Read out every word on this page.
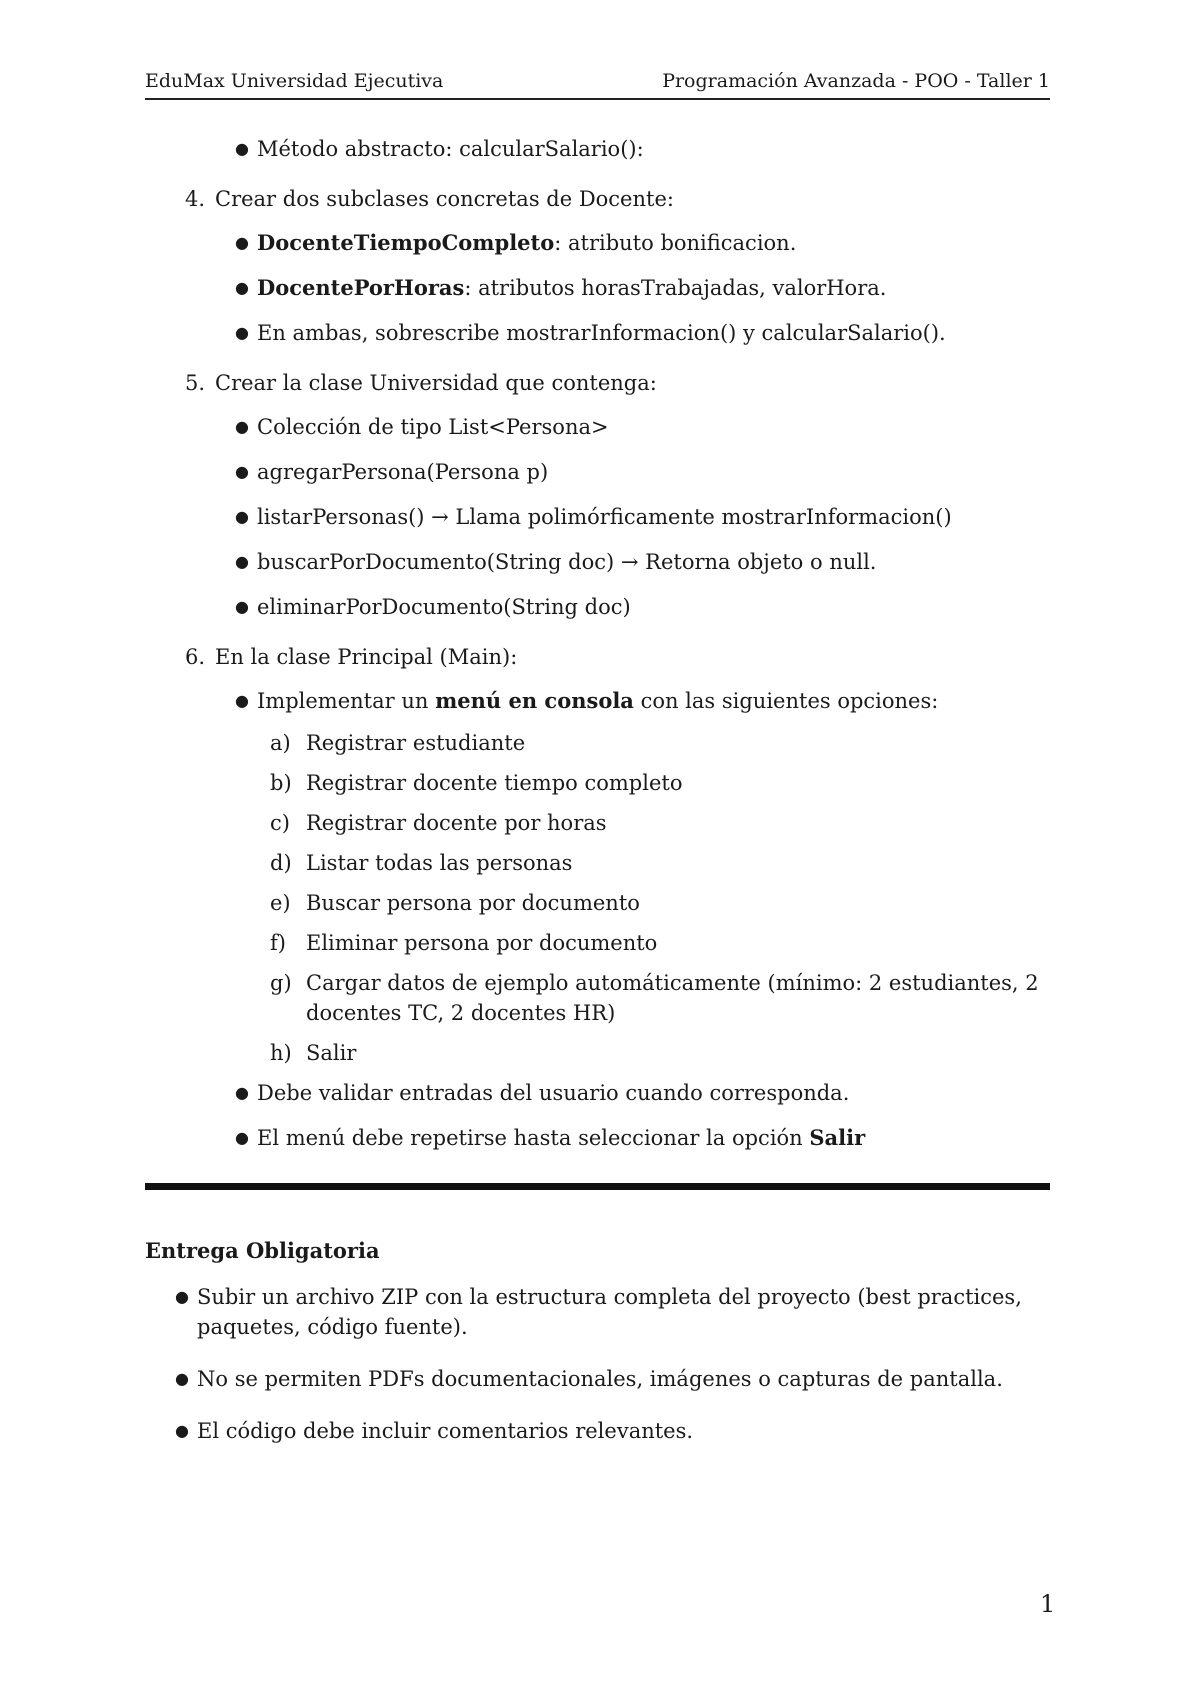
EduMax Universidad Ejecutiva	Programación Avanzada - POO - Taller 1
● Método abstracto: calcularSalario():
4. Crear dos subclases concretas de Docente:
● DocenteTiempoCompleto: atributo bonificacion.
● DocentePorHoras: atributos horasTrabajadas, valorHora.
● En ambas, sobrescribe mostrarInformacion() y calcularSalario().
5. Crear la clase Universidad que contenga:
● Colección de tipo List<Persona>
● agregarPersona(Persona p)
● listarPersonas() → Llama polimórficamente mostrarInformacion()
● buscarPorDocumento(String doc) → Retorna objeto o null.
● eliminarPorDocumento(String doc)
6. En la clase Principal (Main):
● Implementar un menú en consola con las siguientes opciones:
a) Registrar estudiante
b) Registrar docente tiempo completo
c) Registrar docente por horas
d) Listar todas las personas
e) Buscar persona por documento
f) Eliminar persona por documento
g) Cargar datos de ejemplo automáticamente (mínimo: 2 estudiantes, 2 docentes TC, 2 docentes HR)
h) Salir
● Debe validar entradas del usuario cuando corresponda.
● El menú debe repetirse hasta seleccionar la opción Salir
Entrega Obligatoria
● Subir un archivo ZIP con la estructura completa del proyecto (best practices, paquetes, código fuente).
● No se permiten PDFs documentacionales, imágenes o capturas de pantalla.
● El código debe incluir comentarios relevantes.
1
